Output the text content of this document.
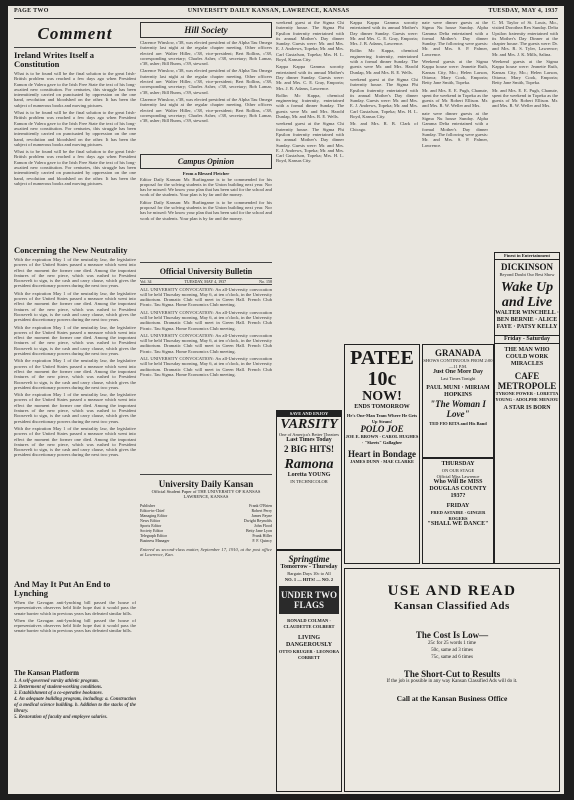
PAGE TWO	UNIVERSITY DAILY KANSAN, LAWRENCE, KANSAS	TUESDAY, MAY 4, 1937
Comment
Ireland Writes Itself a Constitution

What is to be found will be the final solution to the great Irish-British problem was reached a few days ago when President Eamon de Valera gave to the Irish Free State the text of his long-awaited new constitution. For centuries, this struggle has been intermittently carried on punctuated by oppression on the one hand, revolution and bloodshed on the other. It has been the subject of numerous books and moving pictures.

What is to be found will be the final solution to the great Irish-British problem was reached a few days ago when President Eamon de Valera gave to the Irish Free State the text of his long-awaited new constitution. For centuries, this struggle has been intermittently carried on punctuated by oppression on the one hand, revolution and bloodshed on the other. It has been the subject of numerous books and moving pictures.

What is to be found will be the final solution to the great Irish-British problem was reached a few days ago when President Eamon de Valera gave to the Irish Free State the text of his long-awaited new constitution. For centuries, this struggle has been intermittently carried on punctuated by oppression on the one hand, revolution and bloodshed on the other. It has been the subject of numerous books and moving pictures.

Concerning the New Neutrality

With the expiration May 1 of the neutrality law, the legislative powers of the United States passed a measure which went into effect the moment the former one died. Among the important features of the new piece, which was rushed to President Roosevelt to sign, is the cash and carry clause, which gives the president discretionary powers during the next two years.

With the expiration May 1 of the neutrality law, the legislative powers of the United States passed a measure which went into effect the moment the former one died. Among the important features of the new piece, which was rushed to President Roosevelt to sign, is the cash and carry clause, which gives the president discretionary powers during the next two years.

With the expiration May 1 of the neutrality law, the legislative powers of the United States passed a measure which went into effect the moment the former one died. Among the important features of the new piece, which was rushed to President Roosevelt to sign, is the cash and carry clause, which gives the president discretionary powers during the next two years.

With the expiration May 1 of the neutrality law, the legislative powers of the United States passed a measure which went into effect the moment the former one died. Among the important features of the new piece, which was rushed to President Roosevelt to sign, is the cash and carry clause, which gives the president discretionary powers during the next two years.

With the expiration May 1 of the neutrality law, the legislative powers of the United States passed a measure which went into effect the moment the former one died. Among the important features of the new piece, which was rushed to President Roosevelt to sign, is the cash and carry clause, which gives the president discretionary powers during the next two years.

With the expiration May 1 of the neutrality law, the legislative powers of the United States passed a measure which went into effect the moment the former one died. Among the important features of the new piece, which was rushed to President Roosevelt to sign, is the cash and carry clause, which gives the president discretionary powers during the next two years.

And May It Put An End to Lynching

When the Gavagan anti-lynching bill passed the house of representatives observers held little hope that it would pass the senate barrier which in previous years has defeated similar bills.

When the Gavagan anti-lynching bill passed the house of representatives observers held little hope that it would pass the senate barrier which in previous years has defeated similar bills.

The Kansan Platform
1. A self-governed varsity athletic program.
2. Betterment of student-working conditions.
3. Establishment of a co-operative bookstore.
4. An adequate building program, including: a. Construction of a medical science building. b. Addition to the stacks of the library.
5. Restoration of faculty and employee salaries.
Hill Society

Clarence Winslow, c'38, was elected president of the Alpha Tau Omega fraternity last night at the regular chapter meeting. Other officers elected are: Walter Hiller, c'38, vice-president; Bert Rollins, c'38, corresponding secretary; Charles Asher, c'38, secretary; Bob Lamar, c'38, usher; Bill Burns, c'39, steward.

Clarence Winslow, c'38, was elected president of the Alpha Tau Omega fraternity last night at the regular chapter meeting. Other officers elected are: Walter Hiller, c'38, vice-president; Bert Rollins, c'38, corresponding secretary; Charles Asher, c'38, secretary; Bob Lamar, c'38, usher; Bill Burns, c'39, steward.

Clarence Winslow, c'38, was elected president of the Alpha Tau Omega fraternity last night at the regular chapter meeting. Other officers elected are: Walter Hiller, c'38, vice-president; Bert Rollins, c'38, corresponding secretary; Charles Asher, c'38, secretary; Bob Lamar, c'38, usher; Bill Burns, c'39, steward.

Campus Opinion
From a Blessed Fletcher

Editor Daily Kansan: Mr. Burlingame is to be commended for his proposal for the solving students in the Union building next year. Nor has he missed: We know your plan that has been said for the school and work of the students. Your plan is by far and the money.

Editor Daily Kansan: Mr. Burlingame is to be commended for his proposal for the solving students in the Union building next year. Nor has he missed: We know your plan that has been said for the school and work of the students. Your plan is by far and the money.

Official University Bulletin
Vol. 34	TUESDAY, MAY 4, 1937	No. 158

ALL UNIVERSITY CONVOCATION: An all-University convocation will be held Thursday morning, May 6, at ten o'clock, in the University auditorium. Dramatic Club will meet in Green Hall. French Club Picnic. Tau Sigma. Home Economics Club meeting.

ALL UNIVERSITY CONVOCATION: An all-University convocation will be held Thursday morning, May 6, at ten o'clock, in the University auditorium. Dramatic Club will meet in Green Hall. French Club Picnic. Tau Sigma. Home Economics Club meeting.

ALL UNIVERSITY CONVOCATION: An all-University convocation will be held Thursday morning, May 6, at ten o'clock, in the University auditorium. Dramatic Club will meet in Green Hall. French Club Picnic. Tau Sigma. Home Economics Club meeting.

ALL UNIVERSITY CONVOCATION: An all-University convocation will be held Thursday morning, May 6, at ten o'clock, in the University auditorium. Dramatic Club will meet in Green Hall. French Club Picnic. Tau Sigma. Home Economics Club meeting.

University Daily Kansan
Official Student Paper of THE UNIVERSITY OF KANSAS LAWRENCE, KANSAS
Publisher	Frank O'Brien
Editor-in-Chief	Robert Perry
Managing Editor	James Payne
News Editor	Dwight Reynolds
Sports Editor	John Flood
Society Editor	Betty Jane Lyon
Telegraph Editor	Frank Hiller
Business Manager	F. F. Quincy
Entered as second-class matter, September 17, 1910, at the post office at Lawrence, Kan.

weekend guest at the Sigma Chi fraternity house. The Sigma Phi Epsilon fraternity entertained with its annual Mother's Day dinner Sunday. Guests were: Mr. and Mrs. E. J. Andrews, Topeka; Mr. and Mrs. Carl Gustafson, Topeka; Mrs. H. L. Boyd, Kansas City.

Kappa Kappa Gamma sorority entertained with its annual Mother's Day dinner Sunday. Guests were: Mr. and Mrs. C. E. Gray, Emporia; Mrs. J. B. Adams, Lawrence.

Rollin Mc Kappa, chemical engineering fraternity, entertained with a formal dinner Sunday. The guests were Mr. and Mrs. Harold Dunlap, Mr. and Mrs. R. E. Wells.

weekend guest at the Sigma Chi fraternity house. The Sigma Phi Epsilon fraternity entertained with its annual Mother's Day dinner Sunday. Guests were: Mr. and Mrs. E. J. Andrews, Topeka; Mr. and Mrs. Carl Gustafson, Topeka; Mrs. H. L. Boyd, Kansas City.

Kappa Kappa Gamma sorority entertained with its annual Mother's Day dinner Sunday. Guests were: Mr. and Mrs. C. E. Gray, Emporia; Mrs. J. B. Adams, Lawrence.

Rollin Mc Kappa, chemical engineering fraternity, entertained with a formal dinner Sunday. The guests were Mr. and Mrs. Harold Dunlap, Mr. and Mrs. R. E. Wells.

weekend guest at the Sigma Chi fraternity house. The Sigma Phi Epsilon fraternity entertained with its annual Mother's Day dinner Sunday. Guests were: Mr. and Mrs. E. J. Andrews, Topeka; Mr. and Mrs. Carl Gustafson, Topeka; Mrs. H. L. Boyd, Kansas City.

Mr. and Mrs. R. B. Clark of Chicago.

nate were dinner guests at the Sigma Nu house Sunday. Alpha Gamma Delta entertained with a formal Mother's Day dinner Sunday. The following were guests: Mr. and Mrs. S. P. Palmer, Lawrence.

Weekend guests at the Sigma Kappa house were: Jeanette Ruth, Kansas City, Mo.; Helen Larson, Ottawa; Mary Cook, Emporia; Betty Jane Smith, Topeka.

Mr. and Mrs. E. E. Pugh, Chanute, spent the weekend in Topeka as the guests of Mr. Robert Ellison. Mr. and Mrs. R. W. Weller and Mrs.

nate were dinner guests at the Sigma Nu house Sunday. Alpha Gamma Delta entertained with a formal Mother's Day dinner Sunday. The following were guests: Mr. and Mrs. S. P. Palmer, Lawrence.

C. M. Taylor of St. Louis, Mo., visited Dorothea Rex Sunday. Delta Upsilon fraternity entertained with its Mother's Day Dinner at the chapter house. The guests were: Dr. and Mrs. R. S. Tyler, Lawrence; Mr. and Mrs. J. K. Mills, Salina.

Weekend guests at the Sigma Kappa house were: Jeanette Ruth, Kansas City, Mo.; Helen Larson, Ottawa; Mary Cook, Emporia; Betty Jane Smith, Topeka.

Mr. and Mrs. E. E. Pugh, Chanute, spent the weekend in Topeka as the guests of Mr. Robert Ellison. Mr. and Mrs. R. W. Weller and Mrs.

SAVE AND ENJOY
VARSITY
One of America's Better Theatres
Last Times Today
2 BIG HITS!
Ramona
Loretta YOUNG
IN TECHNICOLOR
PATEE
10c
NOW!
ENDS TOMORROW
He's One-Man Team Where He Gets Up Steam!
POLO JOE
JOE E. BROWN · CAROL HUGHES · "Skeets" Gallagher
Heart in Bondage
JAMES DUNN · MAE CLARKE
GRANADA
SHOWS CONTINUOUS FROM 2:00—11 P.M.
Just One More Day
Last Times Tonight
PAUL MUNI · MIRIAM HOPKINS
"The Woman I Love"
TED FIO RITA and His Band
THURSDAY
ON OUR STAGE
Official Miss Lawrence
Who Will Be MISS DOUGLAS COUNTY 1937?
FRIDAY
FRED ASTAIRE · GINGER ROGERS
"SHALL WE DANCE"
Finest in Entertainment
DICKINSON
Beyond Doubt Our Best Show
Wake Up and Live
WALTER WINCHELL · BEN BERNIE · ALICE FAYE · PATSY KELLY
Friday - Saturday
THE MAN WHO COULD WORK MIRACLES
CAFE METROPOLE
TYRONE POWER · LORETTA YOUNG · ADOLPHE MENJOU
A STAR IS BORN
Springtime
Tomorrow - Thursday
Bargain Days 10c to All
NO. 1 — HITS! — NO. 2
UNDER TWO FLAGS
RONALD COLMAN · CLAUDETTE COLBERT
LIVING DANGEROUSLY
OTTO KRUGER · LEONORA CORBETT
USE AND READ
Kansan Classified Ads
The Cost Is Low—
25c for 25 words 1 time
50c, same ad 3 times
75c, same ad 6 times
The Short-Cut to Results
If the job is possible in any way Kansan Classified Ads will do it.
Call at the Kansan Business Office
